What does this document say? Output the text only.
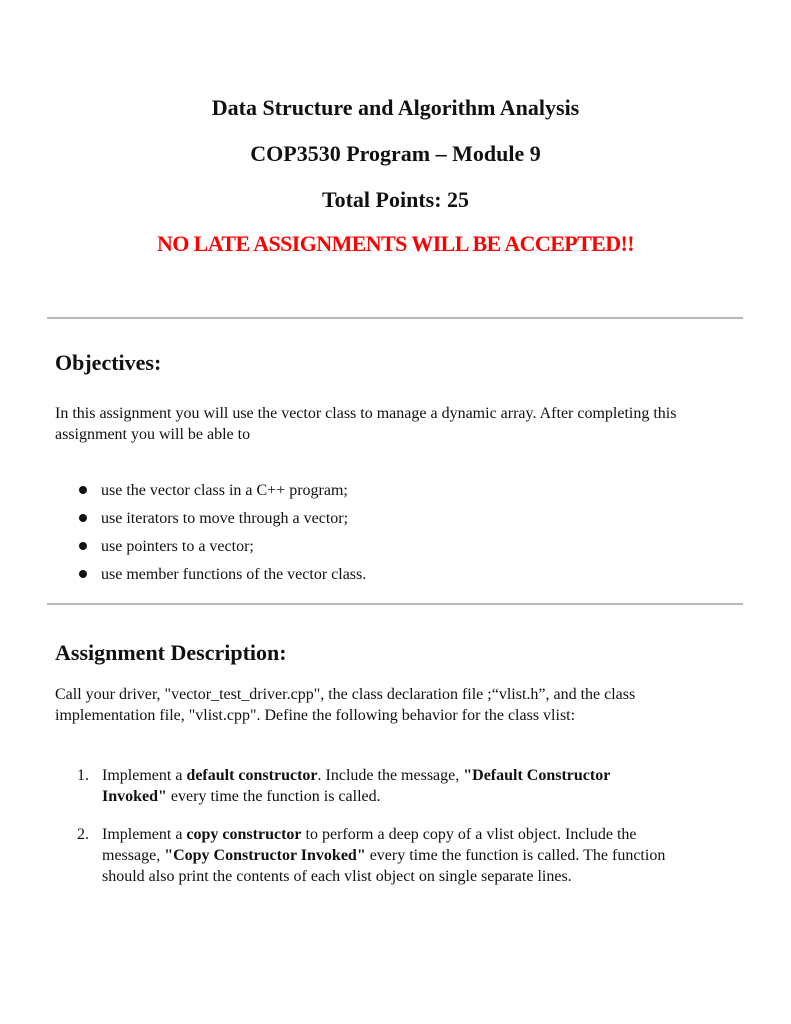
Data Structure and Algorithm Analysis
COP3530 Program – Module 9
Total Points: 25
NO LATE ASSIGNMENTS WILL BE ACCEPTED!!
Objectives:
In this assignment you will use the vector class to manage a dynamic array. After completing this assignment you will be able to
use the vector class in a C++ program;
use iterators to move through a vector;
use pointers to a vector;
use member functions of the vector class.
Assignment Description:
Call your driver, "vector_test_driver.cpp", the class declaration file ;“vlist.h”, and the class implementation file, "vlist.cpp". Define the following behavior for the class vlist:
1. Implement a default constructor. Include the message, "Default Constructor Invoked" every time the function is called.
2. Implement a copy constructor to perform a deep copy of a vlist object. Include the message, "Copy Constructor Invoked" every time the function is called. The function should also print the contents of each vlist object on single separate lines.
